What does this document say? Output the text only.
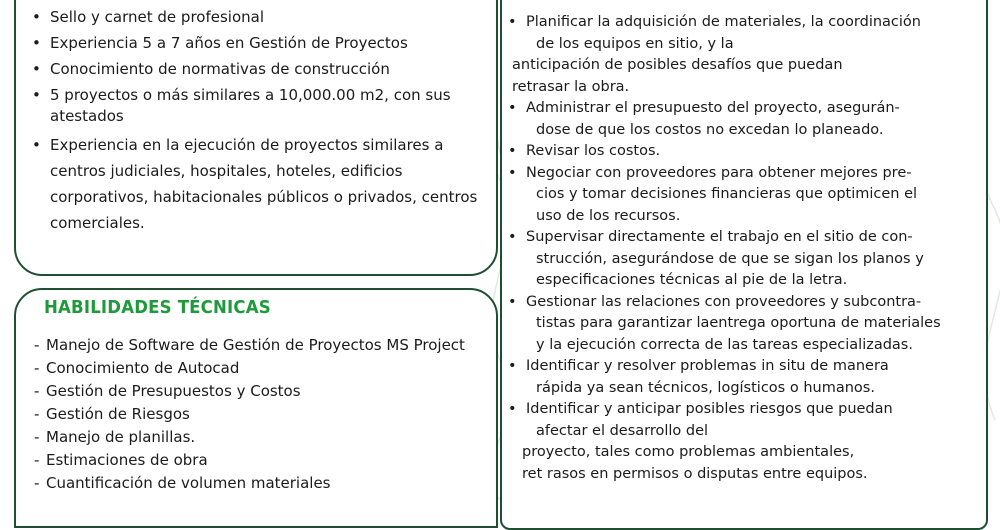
• Sello y carnet de profesional
• Experiencia 5 a 7 años en Gestión de Proyectos
• Conocimiento de normativas de construcción
• 5 proyectos o más similares a 10,000.00 m2, con sus atestados
• Experiencia en la ejecución de proyectos similares a centros judiciales, hospitales, hoteles, edificios corporativos, habitacionales públicos o privados, centros comerciales.
HABILIDADES TÉCNICAS
- Manejo de Software de Gestión de Proyectos MS Project
- Conocimiento de Autocad
- Gestión de Presupuestos y Costos
- Gestión de Riesgos
- Manejo de planillas.
- Estimaciones de obra
- Cuantificación de volumen materiales
• Planificar la adquisición de materiales, la coordinación
de los equipos en sitio, y la
anticipación de posibles desafíos que puedan
retrasar la obra.
• Administrar el presupuesto del proyecto, asegurán-
dose de que los costos no excedan lo planeado.
• Revisar los costos.
• Negociar con proveedores para obtener mejores pre-
cios y tomar decisiones financieras que optimicen el
uso de los recursos.
• Supervisar directamente el trabajo en el sitio de con-
strucción, asegurándose de que se sigan los planos y
especificaciones técnicas al pie de la letra.
• Gestionar las relaciones con proveedores y subcontra-
tistas para garantizar laentrega oportuna de materiales
y la ejecución correcta de las tareas especializadas.
• Identificar y resolver problemas in situ de manera
rápida ya sean técnicos, logísticos o humanos.
• Identificar y anticipar posibles riesgos que puedan
afectar el desarrollo del
proyecto, tales como problemas ambientales,
ret rasos en permisos o disputas entre equipos.
